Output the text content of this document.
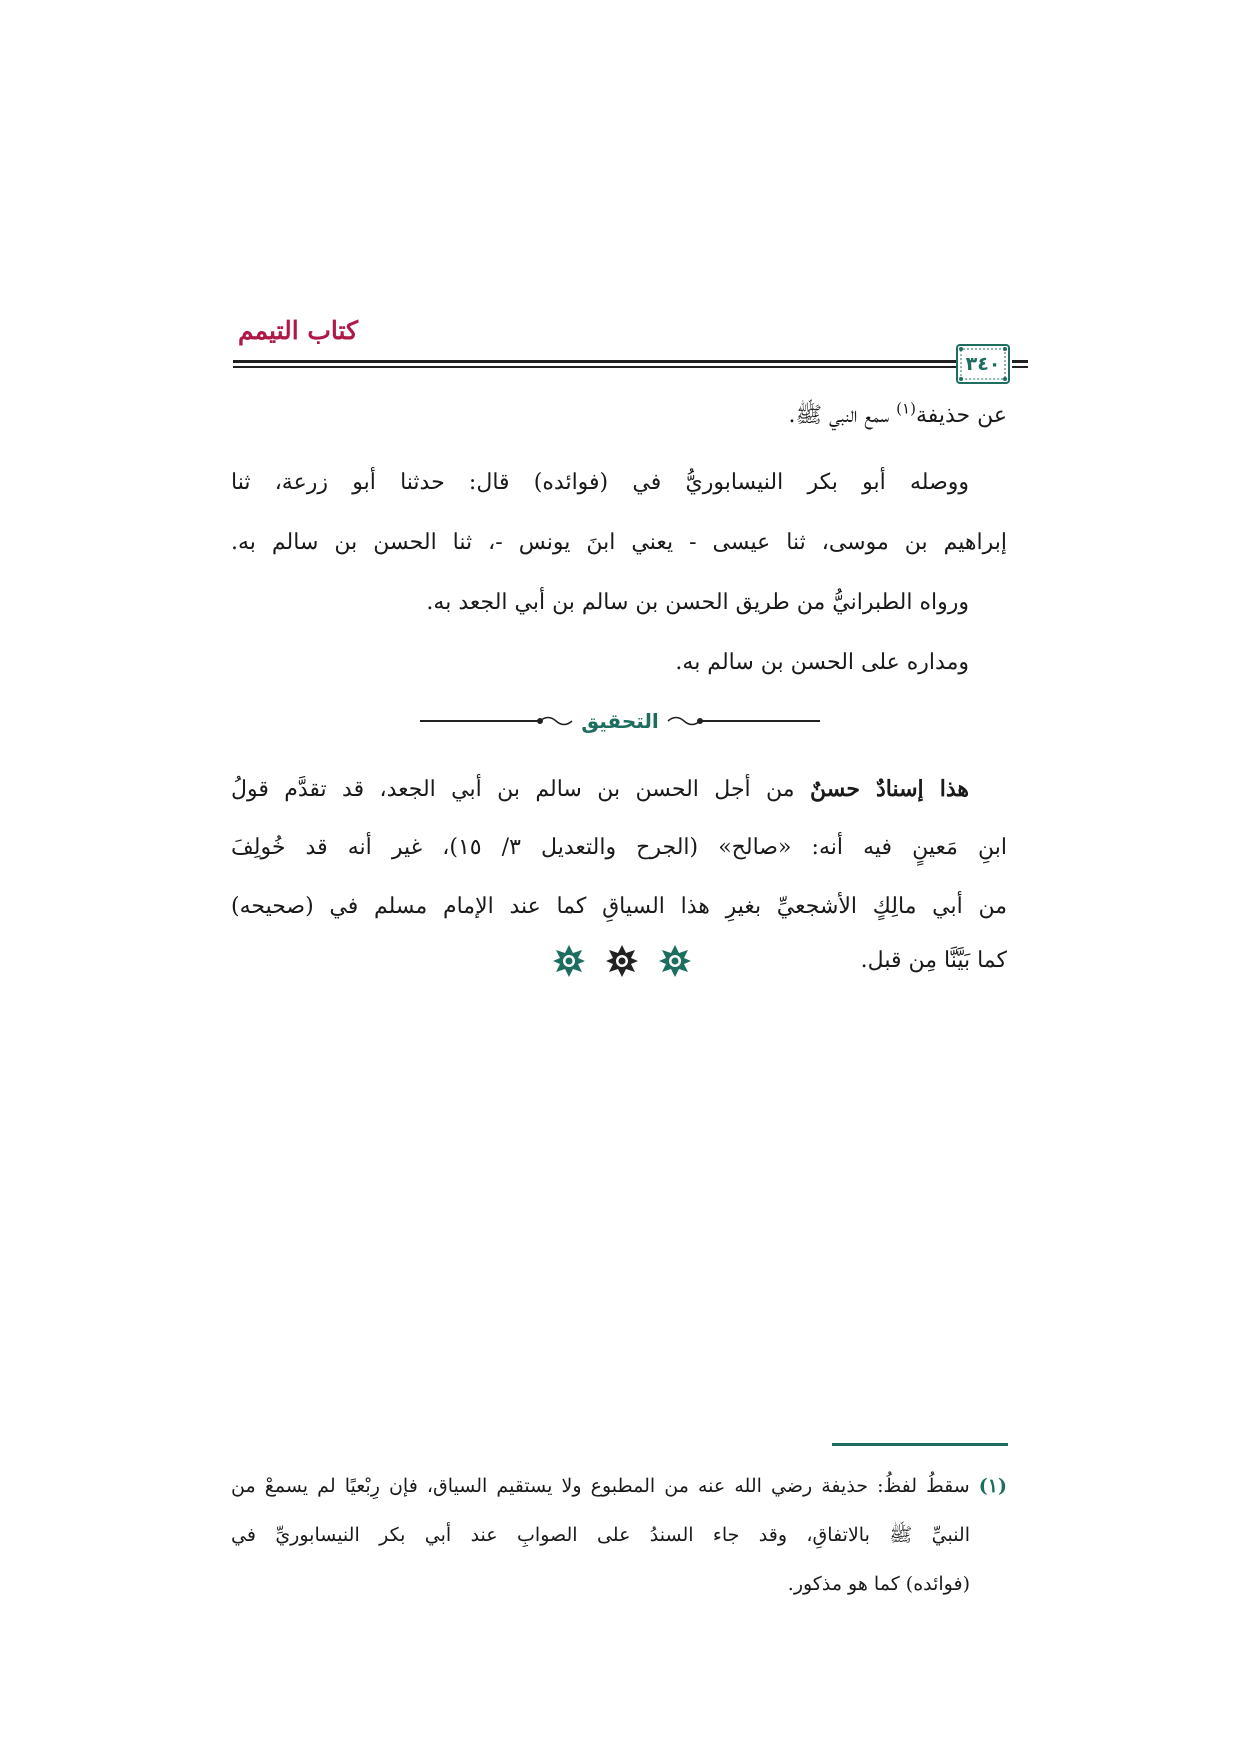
كتاب التيمم
٣٤٠
عن حذيفة$^{(١)}$ سمع النبي ﷺ.
ووصله أبو بكر النيسابوريُّ في (فوائده) قال: حدثنا أبو زرعة، ثنا
إبراهيم بن موسى، ثنا عيسى - يعني ابنَ يونس -، ثنا الحسن بن سالم به.
ورواه الطبرانيُّ من طريق الحسن بن سالم بن أبي الجعد به.
ومداره على الحسن بن سالم به.
التحقيق
هذا إسنادٌ حسنٌ من أجل الحسن بن سالم بن أبي الجعد، قد تقدَّم قولُ
ابنِ مَعينٍ فيه أنه: «صالح» (الجرح والتعديل ٣/ ١٥)، غير أنه قد خُولِفَ
من أبي مالِكٍ الأشجعيِّ بغيرِ هذا السياقِ كما عند الإمام مسلم في (صحيحه)
كما بَيَّنَّا مِن قبل.
(١) سقطُ لفظُ: حذيفة رضي الله عنه من المطبوع ولا يستقيم السياق، فإن رِبْعيًا لم يسمعْ من
النبيِّ ﷺ بالاتفاقِ، وقد جاء السندُ على الصوابِ عند أبي بكر النيسابوريِّ في
(فوائده) كما هو مذكور.
